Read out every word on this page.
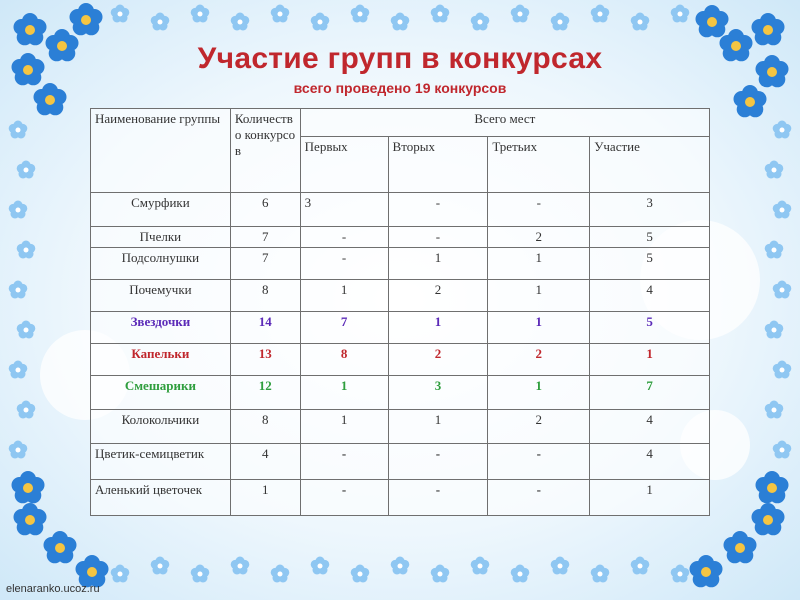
Участие групп в конкурсах
всего проведено 19 конкурсов
Наименование группы	Количество конкурсов	Всего мест			
		Первых	Вторых	Третьих	Участие
Смурфики	6	3	-	-	3
Пчелки	7	-	-	2	5
Подсолнушки	7	-	1	1	5
Почемучки	8	1	2	1	4
Звездочки	14	7	1	1	5
Капельки	13	8	2	2	1
Смешарики	12	1	3	1	7
Колокольчики	8	1	1	2	4
Цветик-семицветик	4	-	-	-	4
Аленький цветочек	1	-	-	-	1
elenaranko.ucoz.ru
